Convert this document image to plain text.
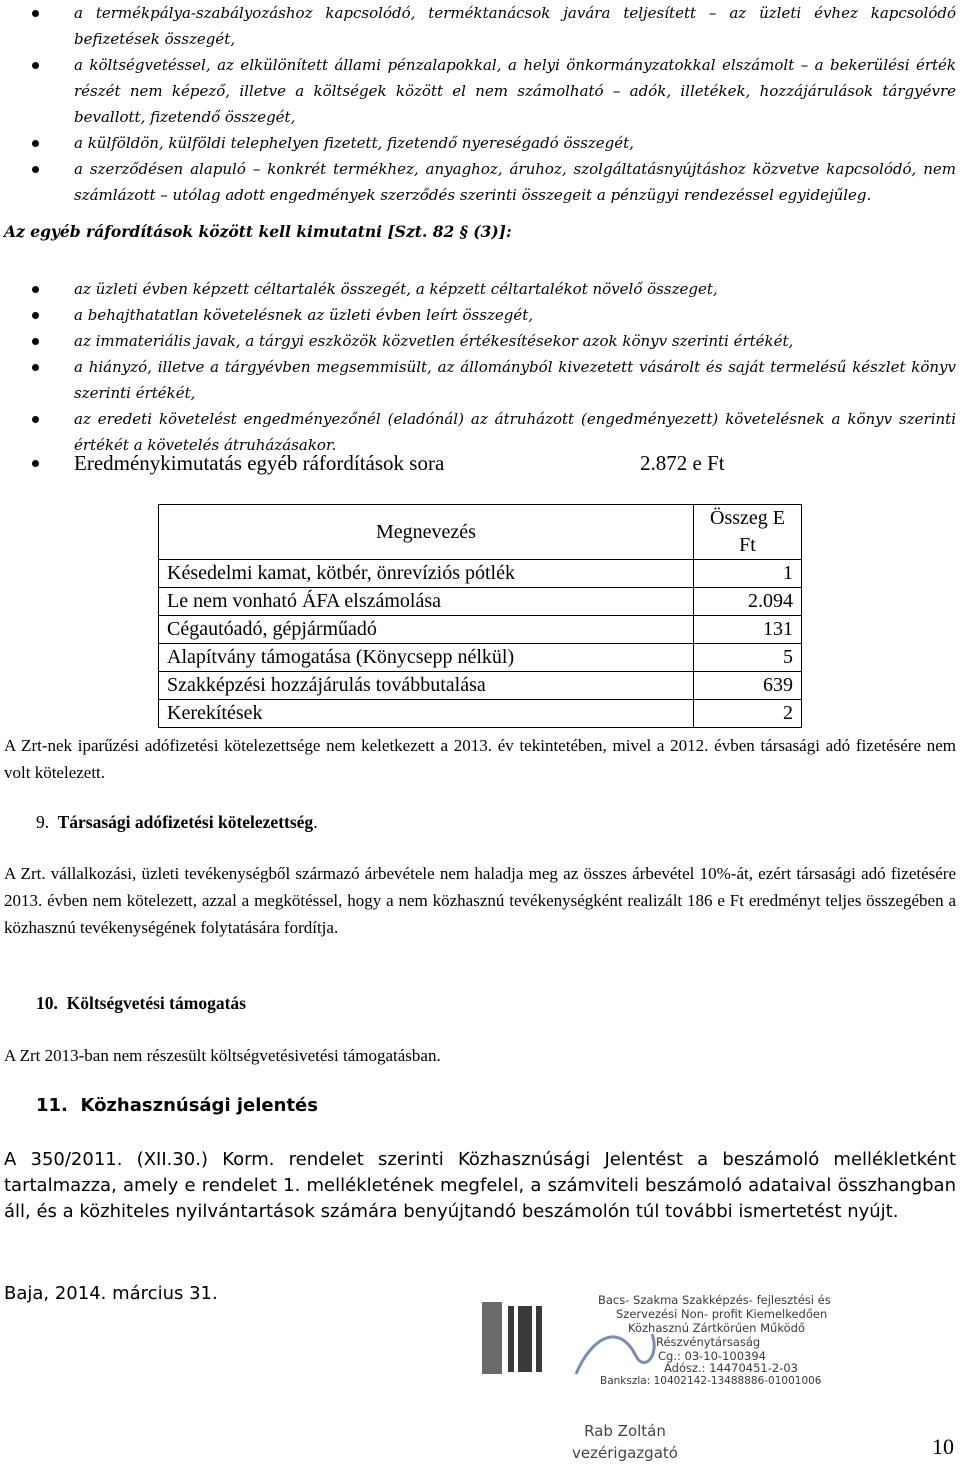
a termékpálya-szabályozáshoz kapcsolódó, terméktanácsok javára teljesített – az üzleti évhez kapcsolódó befizetések összegét,
a költségvetéssel, az elkülönített állami pénzalapokkal, a helyi önkormányzatokkal elszámolt – a bekerülési érték részét nem képező, illetve a költségek között el nem számolható – adók, illetékek, hozzájárulások tárgyévre bevallott, fizetendő összegét,
a külföldön, külföldi telephelyen fizetett, fizetendő nyereségadó összegét,
a szerződésen alapuló – konkrét termékhez, anyaghoz, áruhoz, szolgáltatásnyújtáshoz közvetve kapcsolódó, nem számlázott – utólag adott engedmények szerződés szerinti összegeit a pénzügyi rendezéssel egyidejűleg.
Az egyéb ráfordítások között kell kimutatni [Szt. 82 § (3)]:
az üzleti évben képzett céltartalék összegét, a képzett céltartalékot növelő összeget,
a behajthatatlan követelésnek az üzleti évben leírt összegét,
az immateriális javak, a tárgyi eszközök közvetlen értékesítésekor azok könyv szerinti értékét,
a hiányzó, illetve a tárgyévben megsemmisült, az állományból kivezetett vásárolt és saját termelésű készlet könyv szerinti értékét,
az eredeti követelést engedményezőnél (eladónál) az átruházott (engedményezett) követelésnek a könyv szerinti értékét a követelés átruházásakor.
Eredménykimutatás egyéb ráfordítások sora	2.872 e Ft
Megnevezés	Összeg E Ft
Késedelmi kamat, kötbér, önrevíziós pótlék	1
Le nem vonható ÁFA elszámolása	2.094
Cégautóadó, gépjárműadó	131
Alapítvány támogatása (Könycsepp nélkül)	5
Szakképzési hozzájárulás továbbutalása	639
Kerekítések	2
A Zrt-nek iparűzési adófizetési kötelezettsége nem keletkezett a 2013. év tekintetében, mivel a 2012. évben társasági adó fizetésére nem volt kötelezett.
9. Társasági adófizetési kötelezettség.
A Zrt. vállalkozási, üzleti tevékenységből származó árbevétele nem haladja meg az összes árbevétel 10%-át, ezért társasági adó fizetésére 2013. évben nem kötelezett, azzal a megkötéssel, hogy a nem közhasznú tevékenységként realizált 186 e Ft eredményt teljes összegében a közhasznú tevékenységének folytatására fordítja.
10. Költségvetési támogatás
A Zrt 2013-ban nem részesült költségvetésivetési támogatásban.
11. Közhasznúsági jelentés
A 350/2011. (XII.30.) Korm. rendelet szerinti Közhasznúsági Jelentést a beszámoló mellékletként tartalmazza, amely e rendelet 1. mellékletének megfelel, a számviteli beszámoló adataival összhangban áll, és a közhiteles nyilvántartások számára benyújtandó beszámolón túl további ismertetést nyújt.
Baja, 2014. március 31.	Bacs- Szakma Szakképzés- fejlesztési és
Szervezési Non- profit Kiemelkedően
Közhasznú Zártkörűen Működő
Részvénytársaság
Cg.: 03-10-100394
Adósz.: 14470451-2-03
Bankszla: 10402142-13488886-01001006
Rab Zoltán
vezérigazgató	10
